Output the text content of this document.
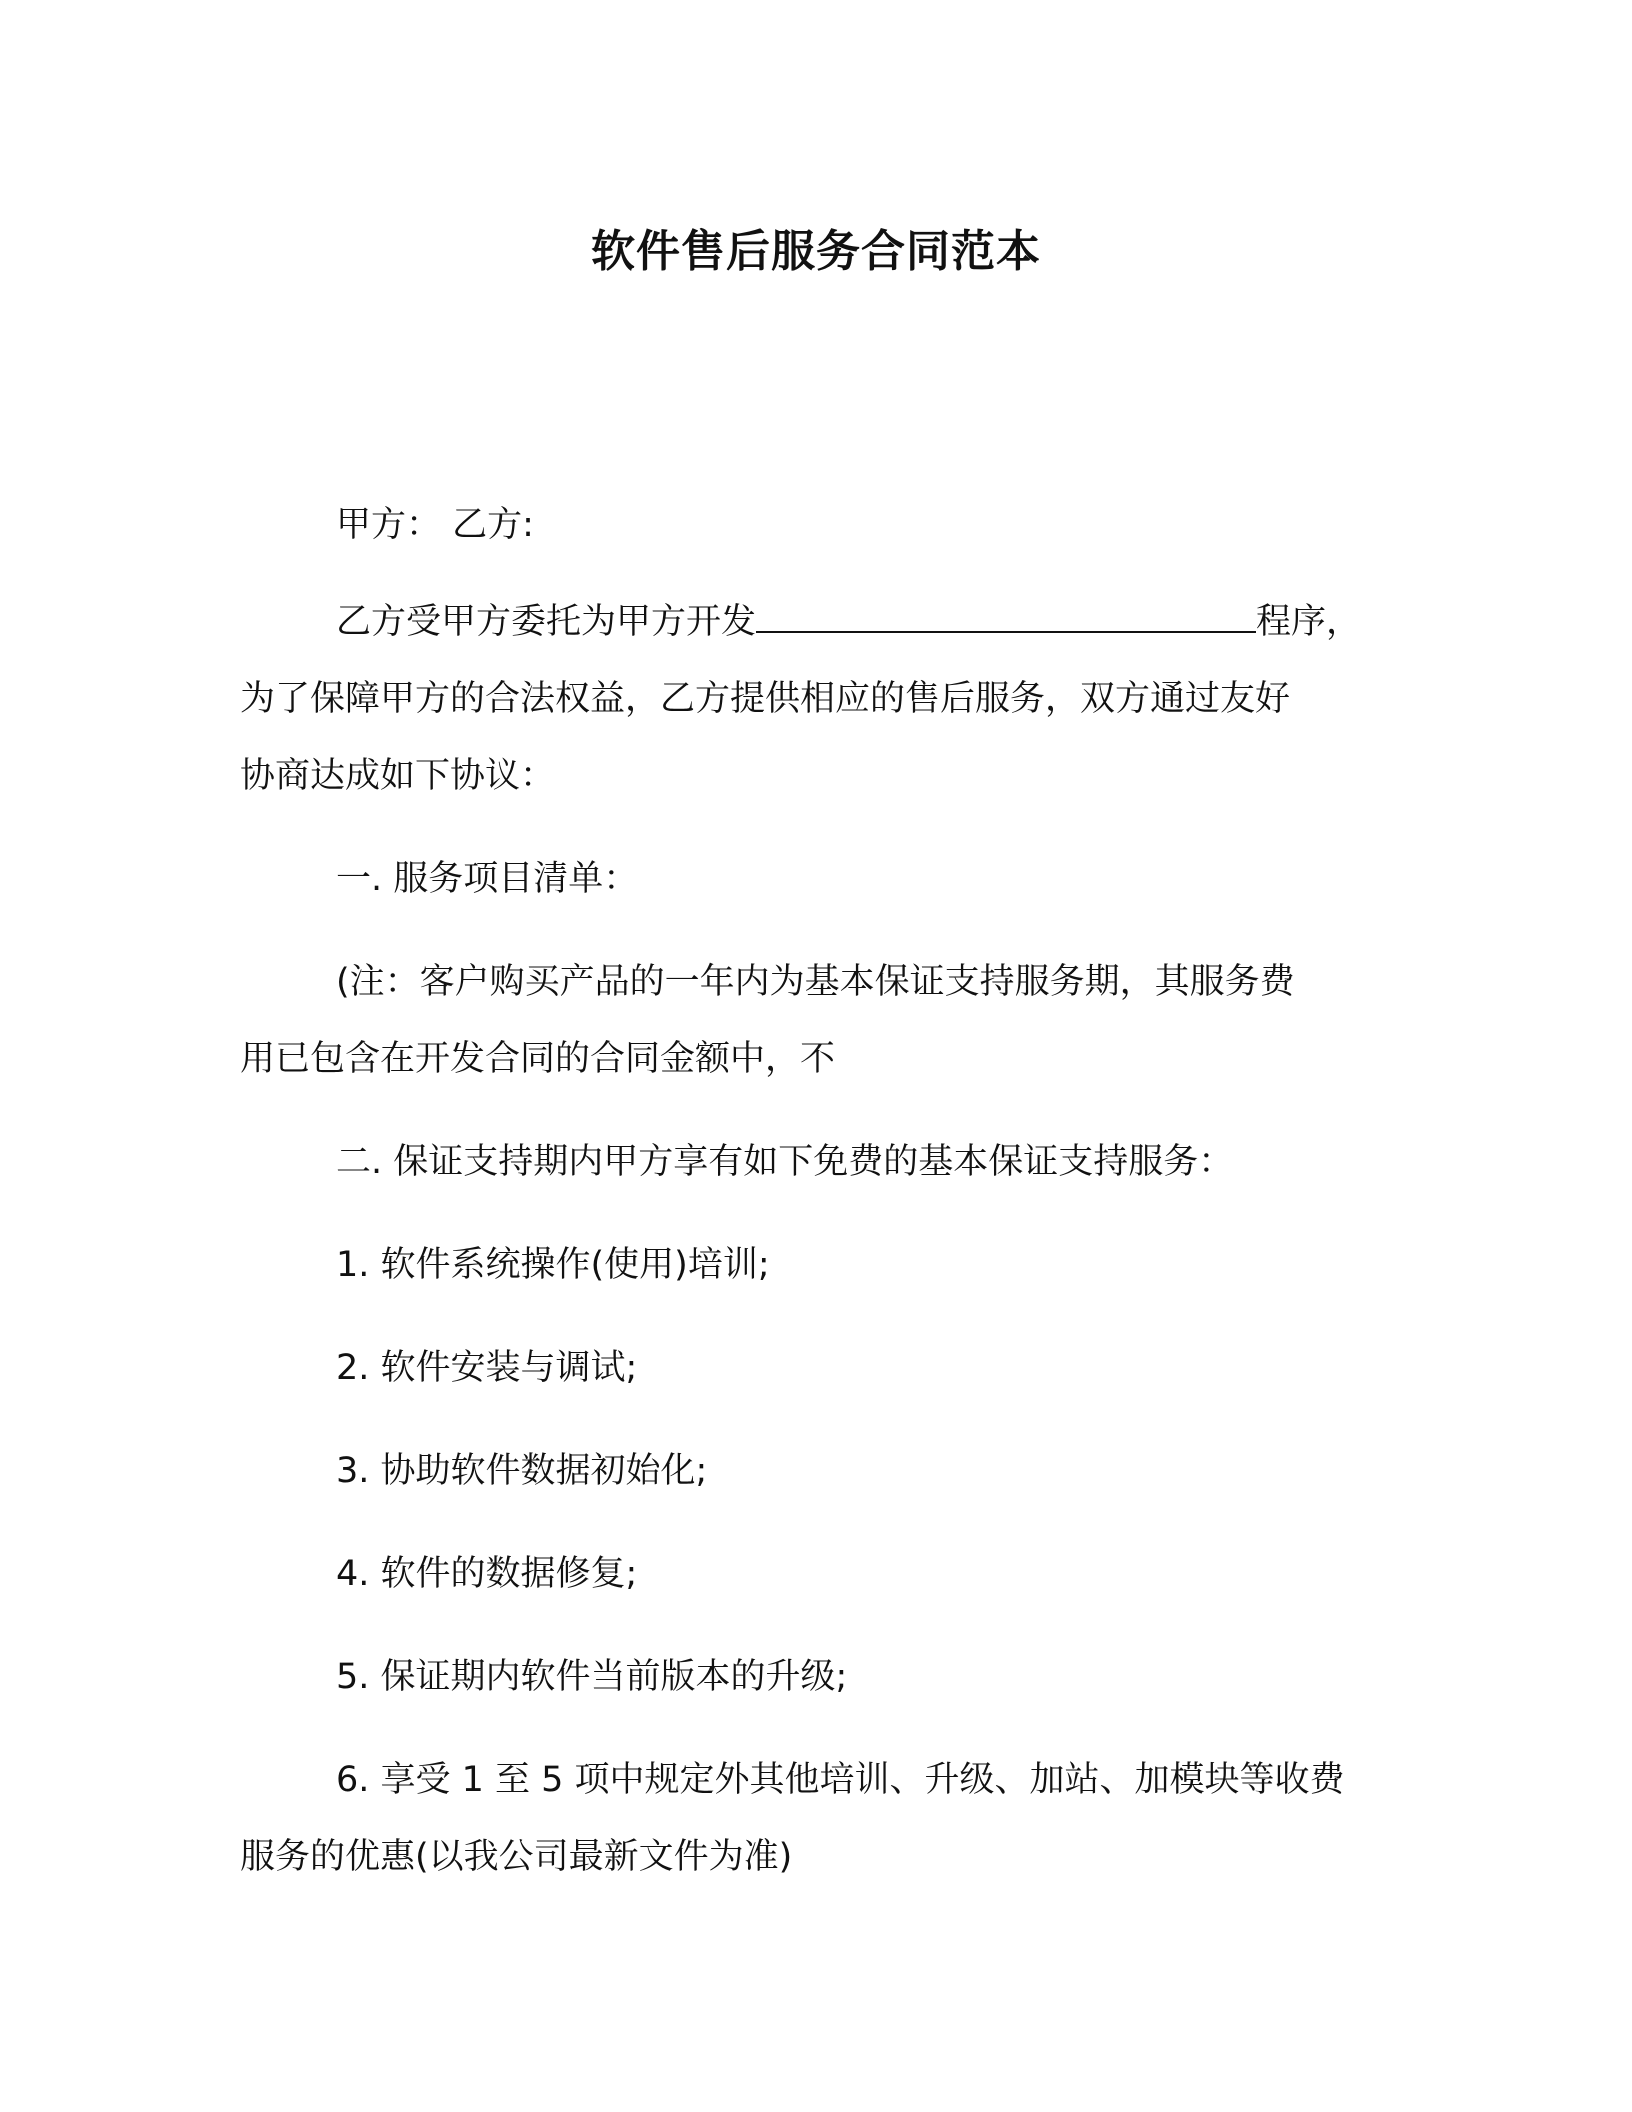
软件售后服务合同范本

甲方： 乙方:

乙方受甲方委托为甲方开发	程序，

为了保障甲方的合法权益，乙方提供相应的售后服务，双方通过友好

协商达成如下协议：

一. 服务项目清单：

(注：客户购买产品的一年内为基本保证支持服务期，其服务费

用已包含在开发合同的合同金额中，不

二. 保证支持期内甲方享有如下免费的基本保证支持服务：

1. 软件系统操作(使用)培训;

2. 软件安装与调试;

3. 协助软件数据初始化;

4. 软件的数据修复;

5. 保证期内软件当前版本的升级;

6. 享受 1 至 5 项中规定外其他培训、升级、加站、加模块等收费

服务的优惠(以我公司最新文件为准)
